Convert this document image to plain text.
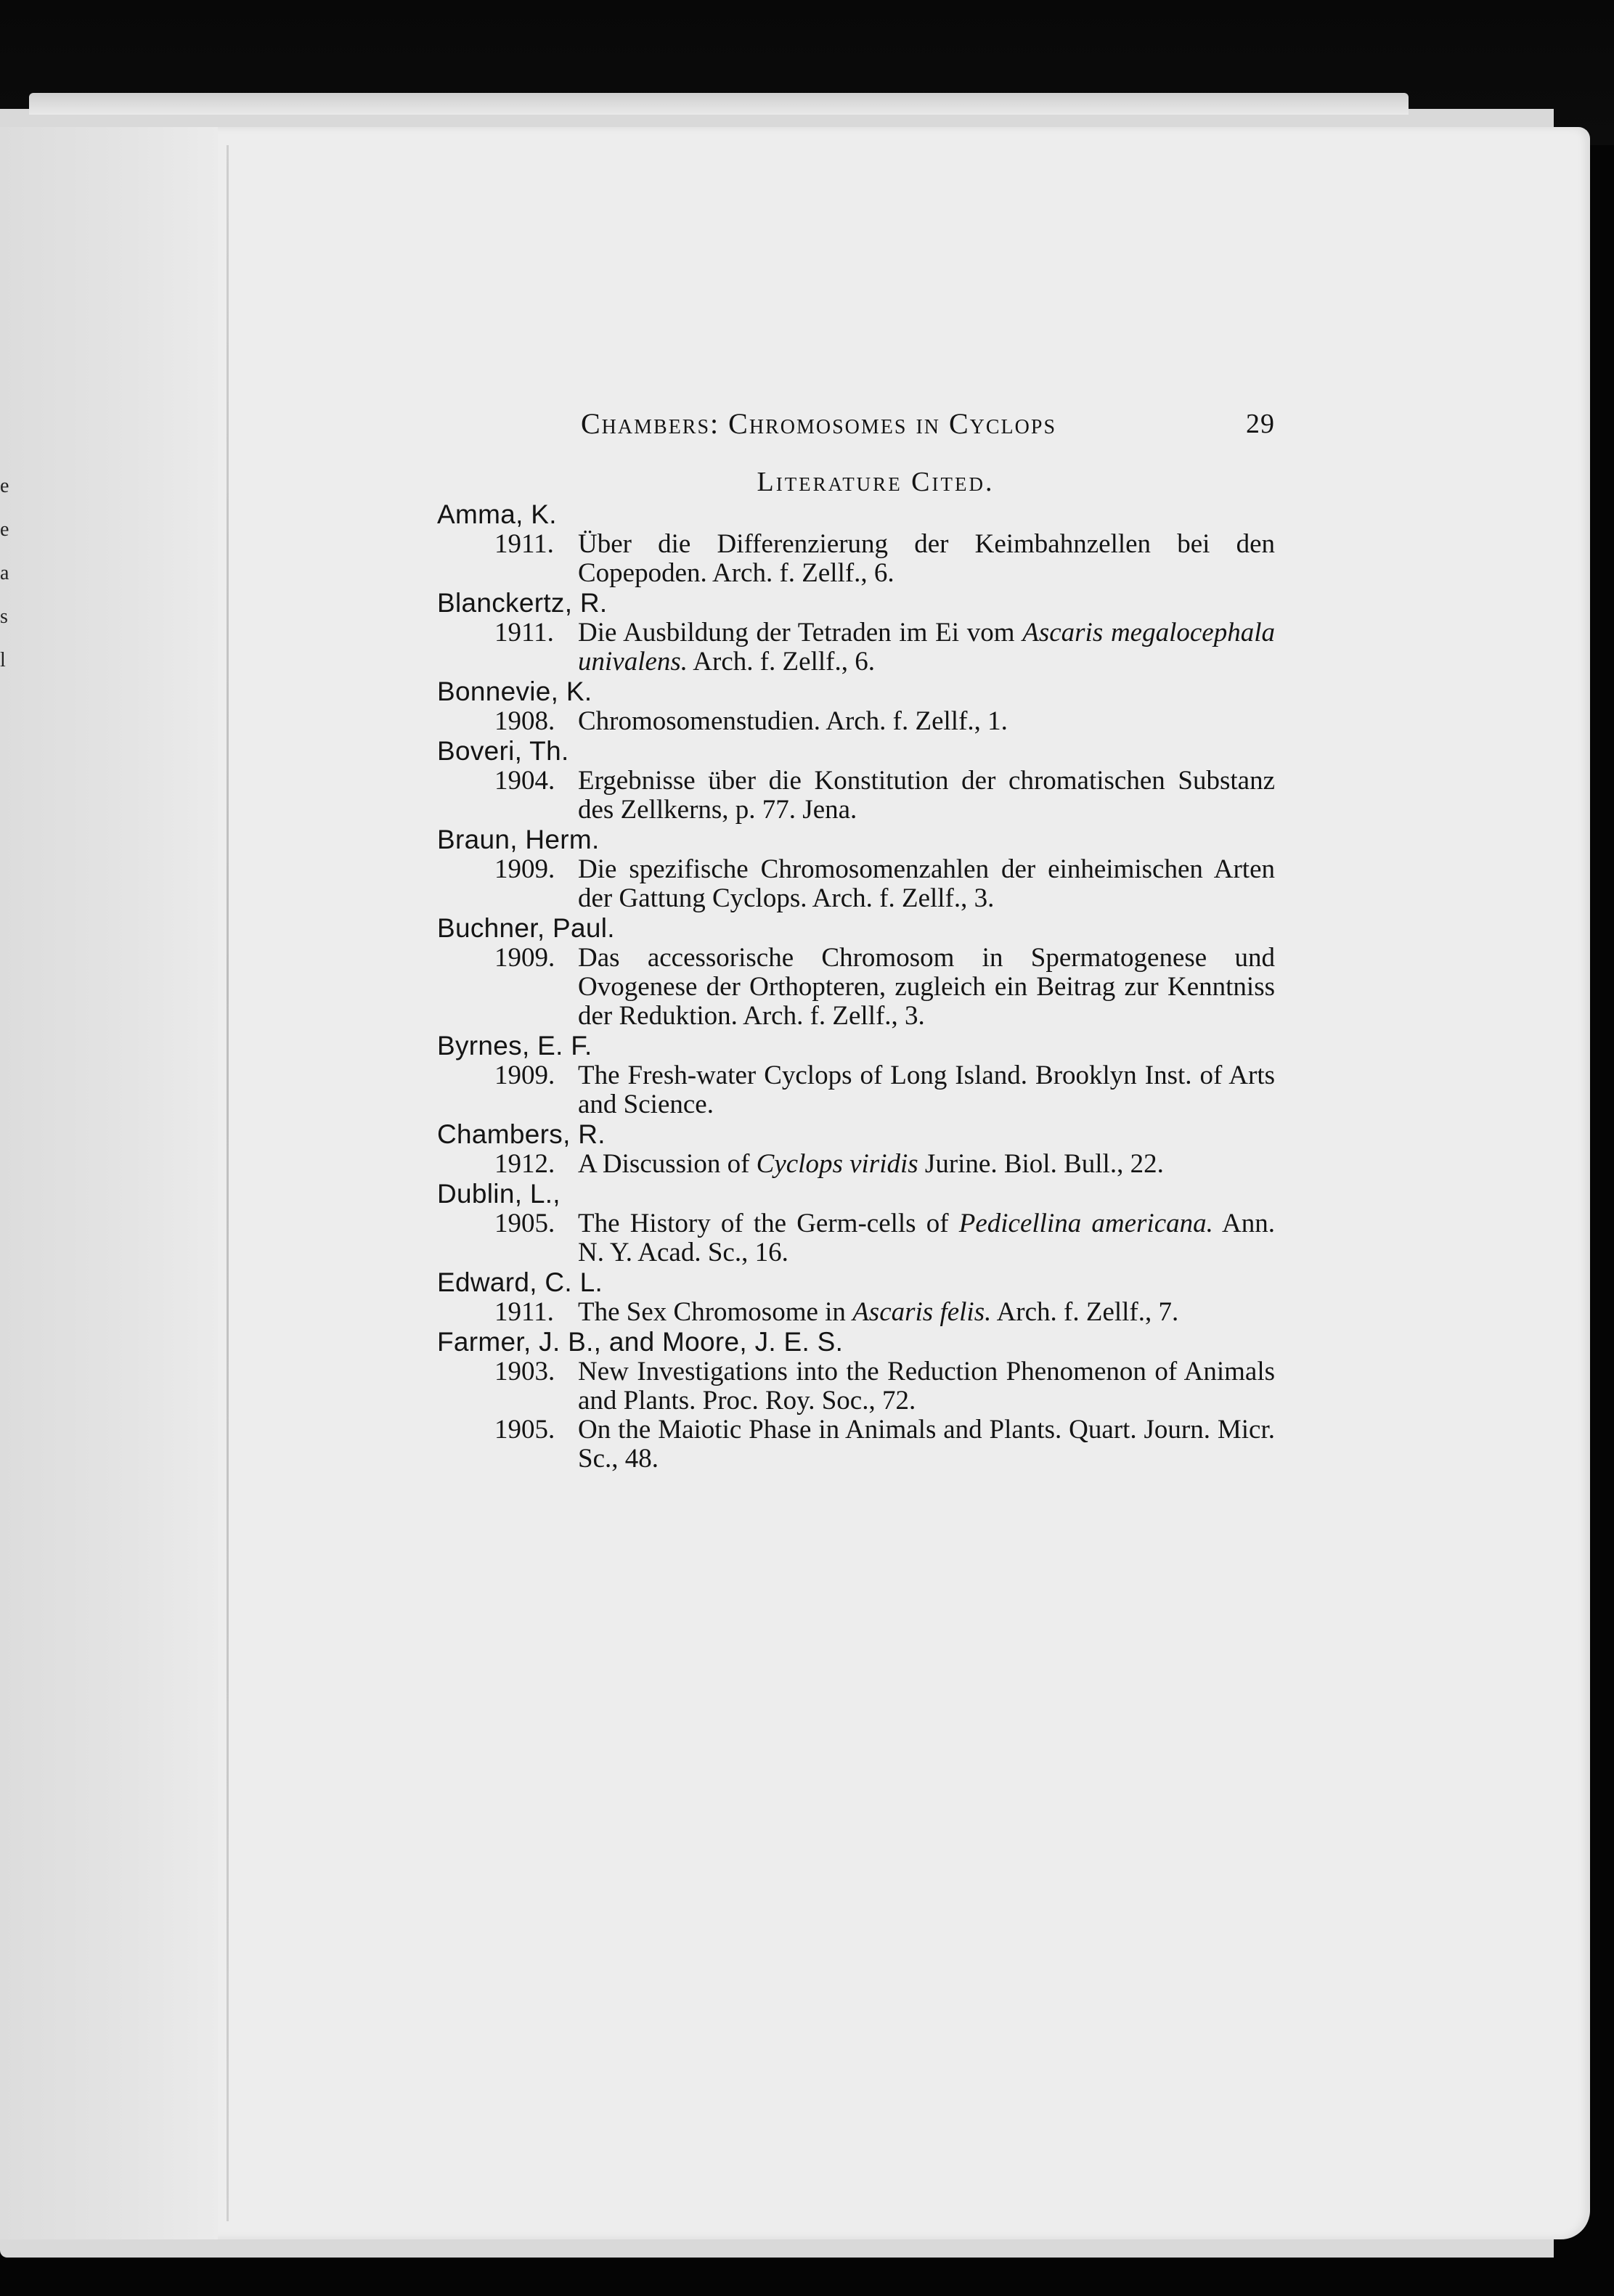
e
e
a
s
l
Chambers: Chromosomes in Cyclops	29
Literature Cited.
Amma, K.
1911. Über die Differenzierung der Keimbahnzellen bei den Copepoden. Arch. f. Zellf., 6.
Blanckertz, R.
1911. Die Ausbildung der Tetraden im Ei vom Ascaris megalocephala univalens. Arch. f. Zellf., 6.
Bonnevie, K.
1908. Chromosomenstudien. Arch. f. Zellf., 1.
Boveri, Th.
1904. Ergebnisse über die Konstitution der chromatischen Substanz des Zellkerns, p. 77. Jena.
Braun, Herm.
1909. Die spezifische Chromosomenzahlen der einheimischen Arten der Gattung Cyclops. Arch. f. Zellf., 3.
Buchner, Paul.
1909. Das accessorische Chromosom in Spermatogenese und Ovogenese der Orthopteren, zugleich ein Beitrag zur Kenntniss der Reduktion. Arch. f. Zellf., 3.
Byrnes, E. F.
1909. The Fresh-water Cyclops of Long Island. Brooklyn Inst. of Arts and Science.
Chambers, R.
1912. A Discussion of Cyclops viridis Jurine. Biol. Bull., 22.
Dublin, L.,
1905. The History of the Germ-cells of Pedicellina americana. Ann. N. Y. Acad. Sc., 16.
Edward, C. L.
1911. The Sex Chromosome in Ascaris felis. Arch. f. Zellf., 7.
Farmer, J. B., and Moore, J. E. S.
1903. New Investigations into the Reduction Phenomenon of Animals and Plants. Proc. Roy. Soc., 72.
1905. On the Maiotic Phase in Animals and Plants. Quart. Journ. Micr. Sc., 48.
